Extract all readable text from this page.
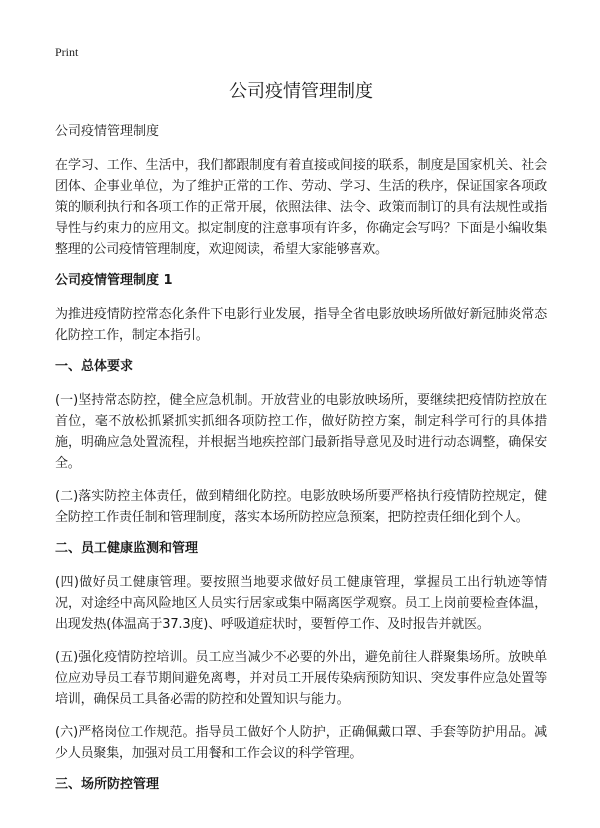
Print
公司疫情管理制度
公司疫情管理制度

在学习、工作、生活中，我们都跟制度有着直接或间接的联系，制度是国家机关、社会团体、企事业单位，为了维护正常的工作、劳动、学习、生活的秩序，保证国家各项政策的顺利执行和各项工作的正常开展，依照法律、法令、政策而制订的具有法规性或指导性与约束力的应用文。拟定制度的注意事项有许多，你确定会写吗？下面是小编收集整理的公司疫情管理制度，欢迎阅读，希望大家能够喜欢。

公司疫情管理制度 1

为推进疫情防控常态化条件下电影行业发展，指导全省电影放映场所做好新冠肺炎常态化防控工作，制定本指引。

一、总体要求

(一)坚持常态防控，健全应急机制。开放营业的电影放映场所，要继续把疫情防控放在首位，毫不放松抓紧抓实抓细各项防控工作，做好防控方案，制定科学可行的具体措施，明确应急处置流程，并根据当地疾控部门最新指导意见及时进行动态调整，确保安全。

(二)落实防控主体责任，做到精细化防控。电影放映场所要严格执行疫情防控规定，健全防控工作责任制和管理制度，落实本场所防控应急预案，把防控责任细化到个人。

二、员工健康监测和管理

(四)做好员工健康管理。要按照当地要求做好员工健康管理，掌握员工出行轨迹等情况，对途经中高风险地区人员实行居家或集中隔离医学观察。员工上岗前要检查体温，出现发热(体温高于37.3度)、呼吸道症状时，要暂停工作、及时报告并就医。

(五)强化疫情防控培训。员工应当减少不必要的外出，避免前往人群聚集场所。放映单位应劝导员工春节期间避免离粤，并对员工开展传染病预防知识、突发事件应急处置等培训，确保员工具备必需的防控和处置知识与能力。

(六)严格岗位工作规范。指导员工做好个人防护，正确佩戴口罩、手套等防护用品。减少人员聚集，加强对员工用餐和工作会议的科学管理。

三、场所防控管理
